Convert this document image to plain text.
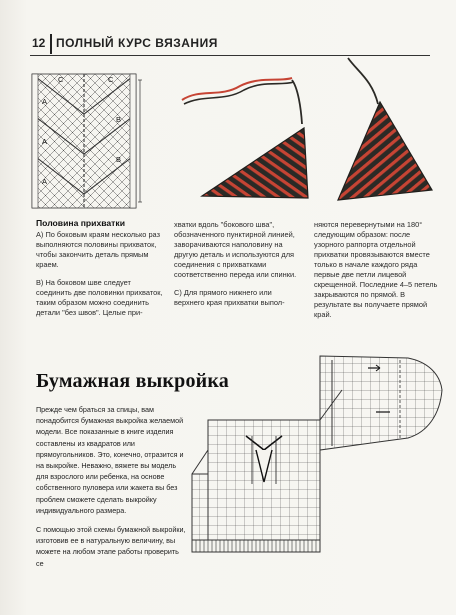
12 ПОЛНЫЙ КУРС ВЯЗАНИЯ
C
A
A
A
C
B
B
Половина прихватки

A) По боковым краям несколько раз выполняются половины прихваток, чтобы закончить деталь прямым краем.

B) На боковом шве следует соединить две половинки прихваток, таким образом можно соединить детали "без швов". Целые при-

хватки вдоль "бокового шва", обозначенного пунктирной линией, заворачиваются наполовину на другую деталь и используются для соединения с прихватками соответственно переда или спинки.

C) Для прямого нижнего или верхнего края прихватки выпол-

няются перевернутыми на 180° следующим образом: после узорного раппорта отдельной прихватки провязываются вместе только в начале каждого ряда первые две петли лицевой скрещенной. Последние 4–5 петель закрываются по прямой. В результате вы получаете прямой край.

Бумажная выкройка

Прежде чем браться за спицы, вам понадобится бумажная выкройка желаемой модели. Все показанные в книге изделия составлены из квадратов или прямоугольников. Это, конечно, отразится и на выкройке. Неважно, вяжете вы модель для взрослого или ребенка, на основе собственного пуловера или жакета вы без проблем сможете сделать выкройку индивидуального размера.

С помощью этой схемы бумажной выкройки, изготовив ее в натуральную величину, вы можете на любом этапе работы проверить се
